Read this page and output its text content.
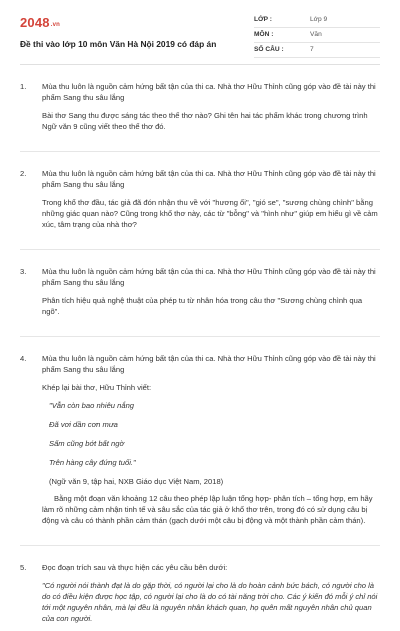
2048.vn
Đề thi vào lớp 10 môn Văn Hà Nội 2019 có đáp án
LỚP :	Lớp 9
MÔN :	Văn
SỐ CÂU :	7
1.	Mùa thu luôn là nguồn cảm hứng bất tận của thi ca. Nhà thơ Hữu Thỉnh cũng góp vào đề tài này thi phẩm Sang thu sâu lắng

Bài thơ Sang thu được sáng tác theo thể thơ nào? Ghi tên hai tác phẩm khác trong chương trình Ngữ văn 9 cũng viết theo thể thơ đó.

2.	Mùa thu luôn là nguồn cảm hứng bất tận của thi ca. Nhà thơ Hữu Thỉnh cũng góp vào đề tài này thi phẩm Sang thu sâu lắng

Trong khổ thơ đầu, tác giả đã đón nhận thu về với "hương ổi", "gió se", "sương chùng chình" bằng những giác quan nào? Cũng trong khổ thơ này, các từ "bỗng" và "hình như" giúp em hiểu gì về cảm xúc, tâm trạng của nhà thơ?

3.	Mùa thu luôn là nguồn cảm hứng bất tận của thi ca. Nhà thơ Hữu Thỉnh cũng góp vào đề tài này thi phẩm Sang thu sâu lắng

Phân tích hiệu quả nghệ thuật của phép tu từ nhân hóa trong câu thơ "Sương chùng chình qua ngõ".

4.	Mùa thu luôn là nguồn cảm hứng bất tận của thi ca. Nhà thơ Hữu Thỉnh cũng góp vào đề tài này thi phẩm Sang thu sâu lắng

Khép lại bài thơ, Hữu Thỉnh viết:

"Vẫn còn bao nhiêu nắng

Đã vơi dần cơn mưa

Sấm cũng bớt bất ngờ

Trên hàng cây đứng tuổi."

(Ngữ văn 9, tập hai, NXB Giáo dục Việt Nam, 2018)

Bằng một đoạn văn khoảng 12 câu theo phép lập luận tổng hợp- phân tích – tổng hợp, em hãy làm rõ những cảm nhận tinh tế và sâu sắc của tác giả ở khổ thơ trên, trong đó có sử dụng câu bị động và câu có thành phần cảm thán (gạch dưới một câu bị động và một thành phần cảm thán).

5.	Đọc đoạn trích sau và thực hiện các yêu cầu bên dưới:

"Có người nói thành đạt là do gặp thời, có người lại cho là do hoàn cảnh bức bách, có người cho là do có điều kiện được học tập, có người lại cho là do có tài năng trời cho. Các ý kiến đó mỗi ý chỉ nói tới một nguyên nhân, mà lại đều là nguyên nhân khách quan, họ quên mất nguyên nhân chủ quan của con người.
